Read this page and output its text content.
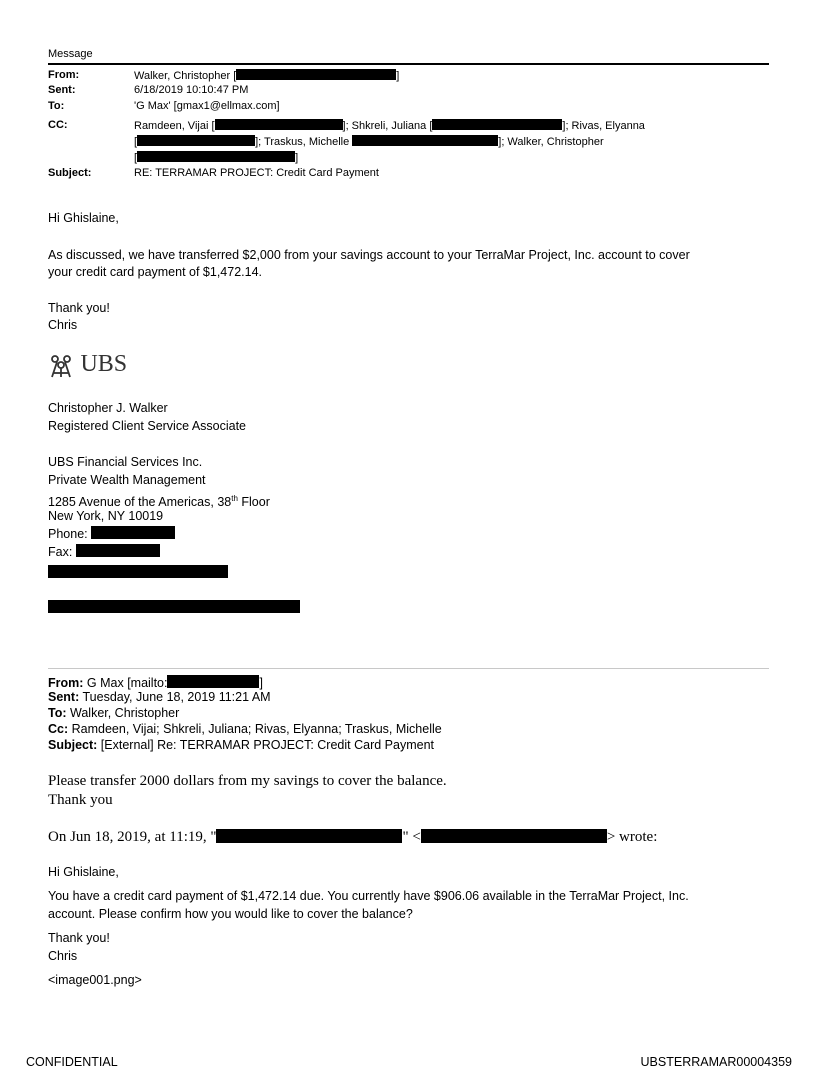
Message
From:	Walker, Christopher [	]
Sent:	6/18/2019 10:10:47 PM
To:	'G Max' [gmax1@ellmax.com]
CC:	Ramdeen, Vijai [	]; Shkreli, Juliana [	]; Rivas, Elyanna
[	]; Traskus, Michelle	]; Walker, Christopher
[	]
Subject:	RE: TERRAMAR PROJECT: Credit Card Payment
Hi Ghislaine,
As discussed, we have transferred $2,000 from your savings account to your TerraMar Project, Inc. account to cover
your credit card payment of $1,472.14.
Thank you!
Chris
UBS
Christopher J. Walker
Registered Client Service Associate
UBS Financial Services Inc.
Private Wealth Management
1285 Avenue of the Americas, 38th Floor
New York, NY 10019
Phone:
Fax:
From: G Max [mailto:	]
Sent: Tuesday, June 18, 2019 11:21 AM
To: Walker, Christopher
Cc: Ramdeen, Vijai; Shkreli, Juliana; Rivas, Elyanna; Traskus, Michelle
Subject: [External] Re: TERRAMAR PROJECT: Credit Card Payment
Please transfer 2000 dollars from my savings to cover the balance.
Thank you
On Jun 18, 2019, at 11:19, "	" <	> wrote:
Hi Ghislaine,
You have a credit card payment of $1,472.14 due. You currently have $906.06 available in the TerraMar Project, Inc.
account. Please confirm how you would like to cover the balance?
Thank you!
Chris
<image001.png>
CONFIDENTIAL	UBSTERRAMAR00004359
